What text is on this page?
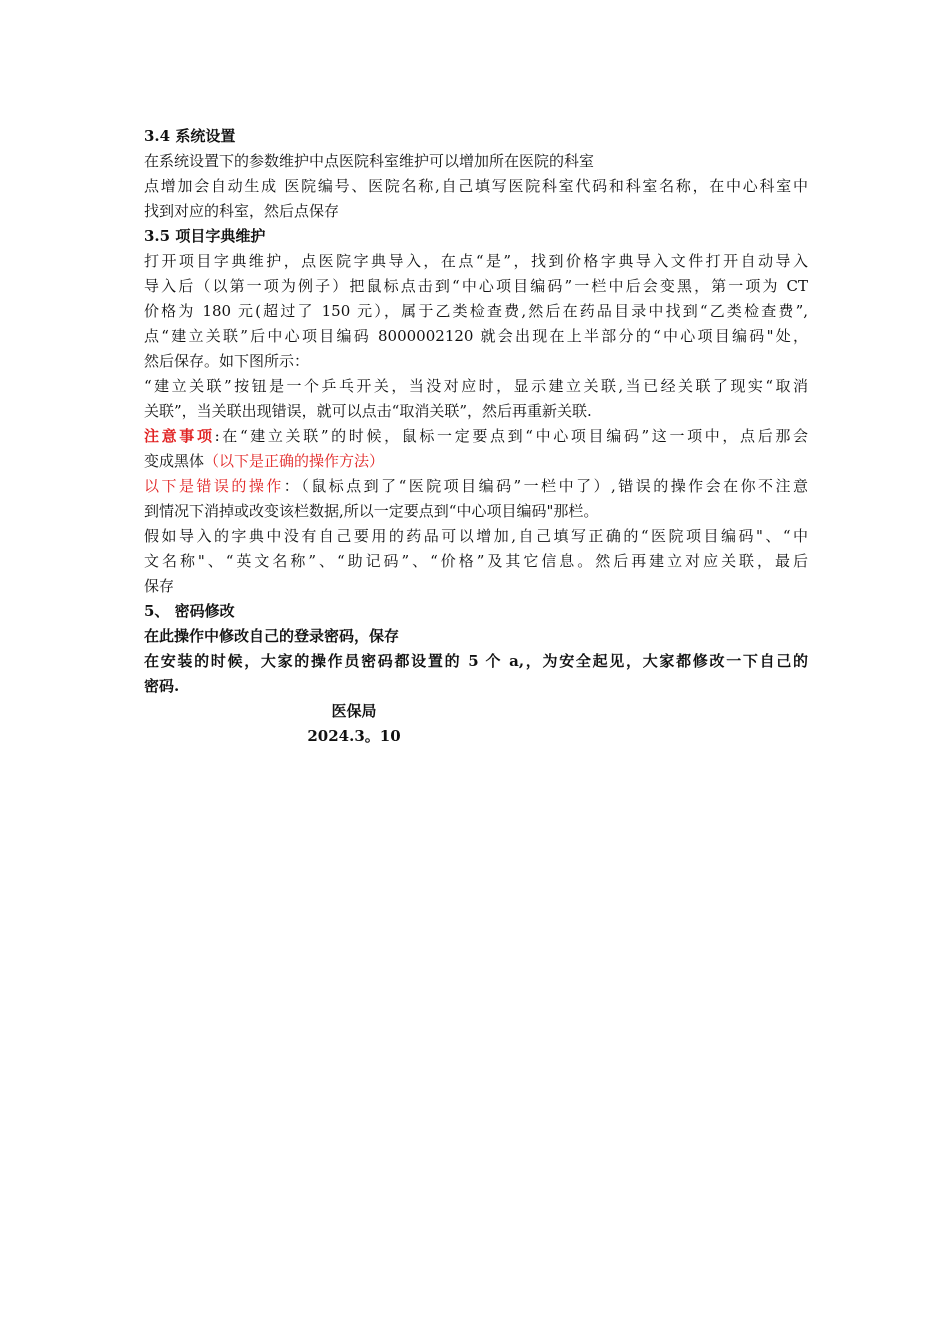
3.4 系统设置

在系统设置下的参数维护中点医院科室维护可以增加所在医院的科室

点增加会自动生成 医院编号、医院名称,自己填写医院科室代码和科室名称，在中心科室中

找到对应的科室，然后点保存

3.5 项目字典维护

打开项目字典维护，点医院字典导入，在点“是”，找到价格字典导入文件打开自动导入

导入后（以第一项为例子）把鼠标点击到“中心项目编码”一栏中后会变黑，第一项为 CT

价格为 180 元(超过了 150 元），属于乙类检查费,然后在药品目录中找到“乙类检查费”,

点“建立关联”后中心项目编码 8000002120 就会出现在上半部分的“中心项目编码"处，

然后保存。如下图所示：

“建立关联”按钮是一个乒乓开关，当没对应时，显示建立关联,当已经关联了现实“取消

关联”，当关联出现错误，就可以点击“取消关联”，然后再重新关联.

注意事项:在“建立关联”的时候，鼠标一定要点到“中心项目编码”这一项中，点后那会

变成黑体（以下是正确的操作方法）

以下是错误的操作：（鼠标点到了“医院项目编码”一栏中了）,错误的操作会在你不注意

到情况下消掉或改变该栏数据,所以一定要点到“中心项目编码"那栏。

假如导入的字典中没有自己要用的药品可以增加,自己填写正确的“医院项目编码"、“中

文名称"、“英文名称”、“助记码”、“价格”及其它信息。然后再建立对应关联，最后

保存

5、 密码修改

在此操作中修改自己的登录密码，保存

在安装的时候，大家的操作员密码都设置的 5 个 a,，为安全起见，大家都修改一下自己的

密码.

医保局

2024.3。10
